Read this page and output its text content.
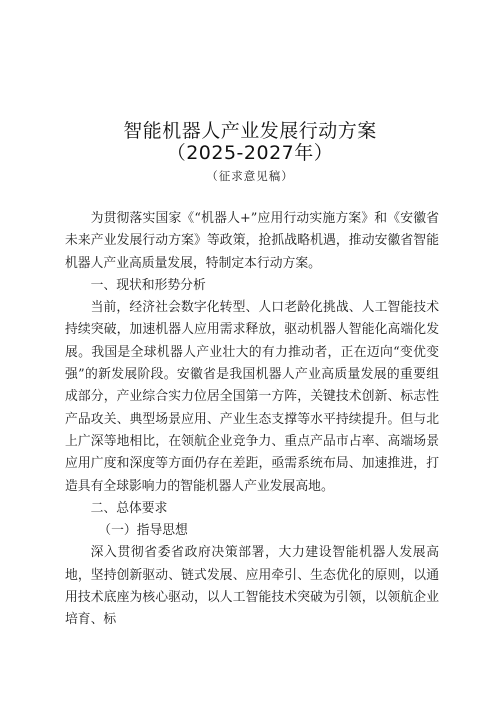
智能机器人产业发展行动方案
（2025-2027年）
（征求意见稿）

为贯彻落实国家《“机器人+”应用行动实施方案》和《安徽省未来产业发展行动方案》等政策，抢抓战略机遇，推动安徽省智能机器人产业高质量发展，特制定本行动方案。

一、现状和形势分析

当前，经济社会数字化转型、人口老龄化挑战、人工智能技术持续突破，加速机器人应用需求释放，驱动机器人智能化高端化发展。我国是全球机器人产业壮大的有力推动者，正在迈向“变优变强”的新发展阶段。安徽省是我国机器人产业高质量发展的重要组成部分，产业综合实力位居全国第一方阵，关键技术创新、标志性产品攻关、典型场景应用、产业生态支撑等水平持续提升。但与北上广深等地相比，在领航企业竞争力、重点产品市占率、高端场景应用广度和深度等方面仍存在差距，亟需系统布局、加速推进，打造具有全球影响力的智能机器人产业发展高地。

二、总体要求

（一）指导思想

深入贯彻省委省政府决策部署，大力建设智能机器人发展高地，坚持创新驱动、链式发展、应用牵引、生态优化的原则，以通用技术底座为核心驱动，以人工智能技术突破为引领，以领航企业培育、标
